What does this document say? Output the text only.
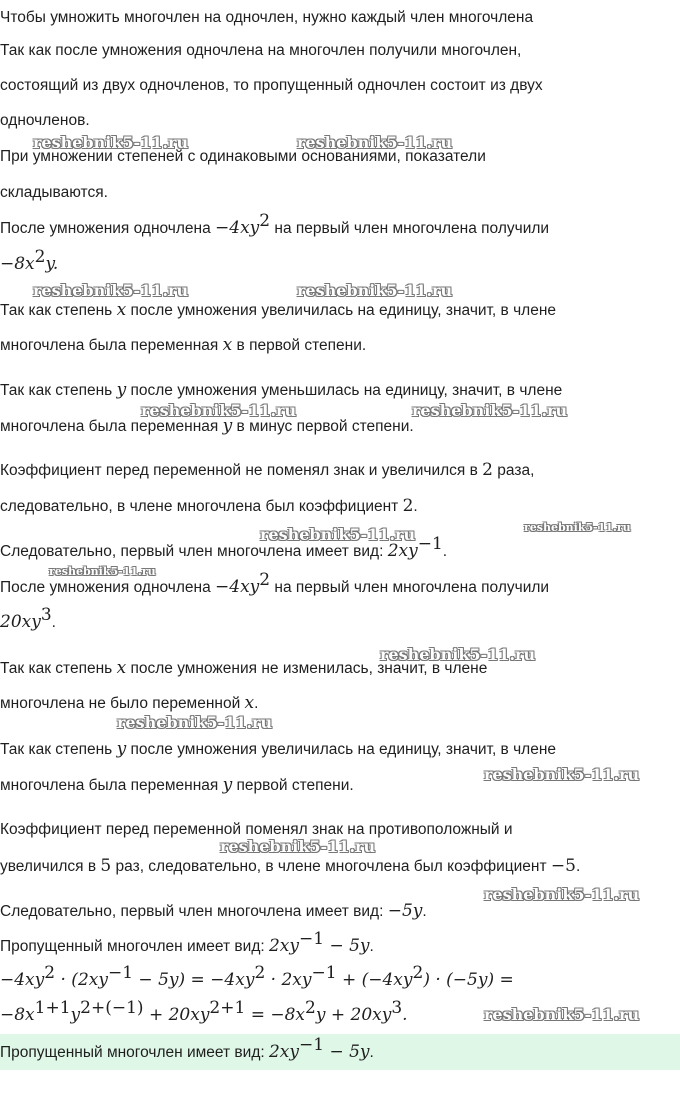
Чтобы умножить многочлен на одночлен, нужно каждый член многочлена
Так как после умножения одночлена на многочлен получили многочлен,
состоящий из двух одночленов, то пропущенный одночлен состоит из двух
одночленов.
При умножении степеней с одинаковыми основаниями, показатели
складываются.
После умножения одночлена $-4xy^2$ на первый член многочлена получили
$-8x^2y$.
Так как степень x после умножения увеличилась на единицу, значит, в члене
многочлена была переменная x в первой степени.
Так как степень y после умножения уменьшилась на единицу, значит, в члене
многочлена была переменная y в минус первой степени.
Коэффициент перед переменной не поменял знак и увеличился в 2 раза,
следовательно, в члене многочлена был коэффициент 2.
Следовательно, первый член многочлена имеет вид: $2xy^{-1}$.
После умножения одночлена $-4xy^2$ на первый член многочлена получили
$20xy^3$.
Так как степень x после умножения не изменилась, значит, в члене
многочлена не было переменной x.
Так как степень y после умножения увеличилась на единицу, значит, в члене
многочлена была переменная y первой степени.
Коэффициент перед переменной поменял знак на противоположный и
увеличился в 5 раз, следовательно, в члене многочлена был коэффициент −5.
Следовательно, первый член многочлена имеет вид: −5y.
Пропущенный многочлен имеет вид: $2xy^{-1} - 5y$.
$-4xy^2 \cdot (2xy^{-1} - 5y) = -4xy^2 \cdot 2xy^{-1} + (-4xy^2) \cdot (-5y)$ =
$-8x^{1+1}y^{2+(-1)} + 20xy^{2+1} = -8x^2y + 20xy^3$.
Пропущенный многочлен имеет вид: $2xy^{-1} - 5y$.
reshebnik5-11.ru	reshebnik5-11.ru
reshebnik5-11.ru	reshebnik5-11.ru
reshebnik5-11.ru	reshebnik5-11.ru
reshebnik5-11.ru	reshebnik5-11.ru
reshebnik5-11.ru
reshebnik5-11.ru
reshebnik5-11.ru
reshebnik5-11.ru
reshebnik5-11.ru
reshebnik5-11.ru
reshebnik5-11.ru
